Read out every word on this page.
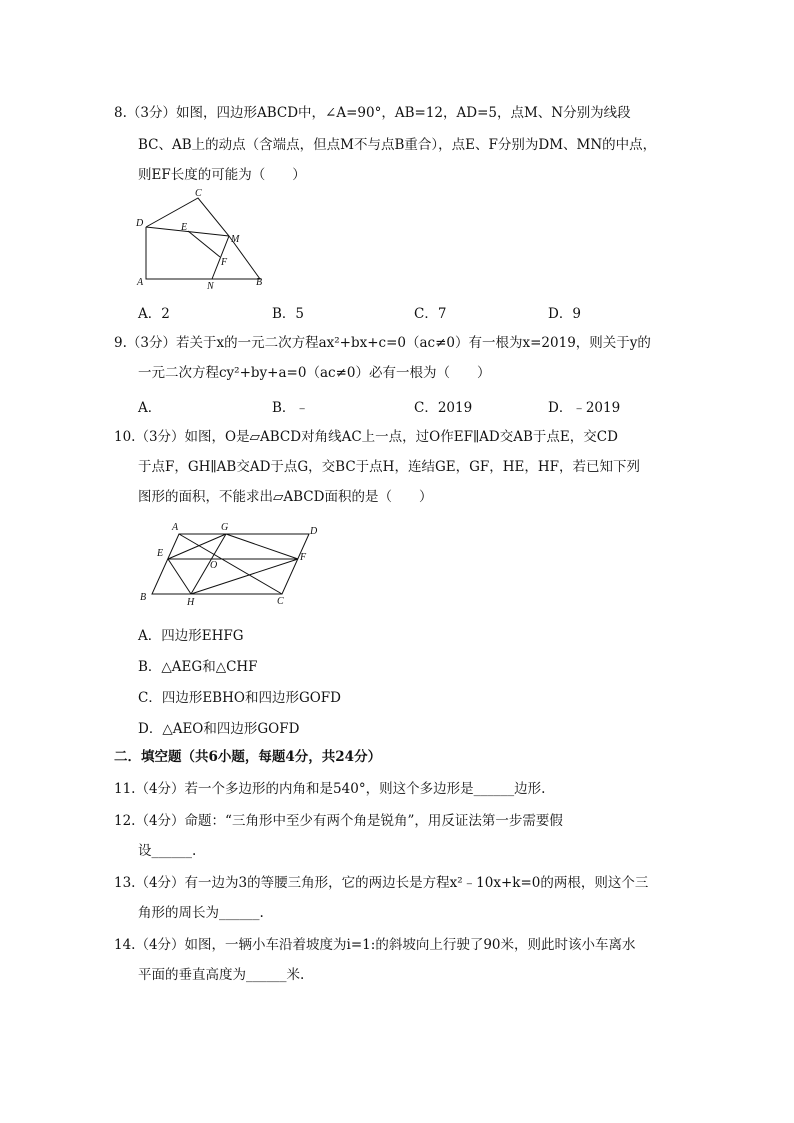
8.（3分）如图，四边形ABCD中，∠A=90°，AB=12，AD=5，点M、N分别为线段
BC、AB上的动点（含端点，但点M不与点B重合），点E、F分别为DM、MN的中点，
则EF长度的可能为（　　）
C
D	E
M
F
A	N	B
A．2	B．5	C．7	D．9
9.（3分）若关于x的一元二次方程ax²+bx+c=0（ac≠0）有一根为x=2019，则关于y的
一元二次方程cy²+by+a=0（ac≠0）必有一根为（　　）
A．	B．﹣	C．2019	D．﹣2019
10.（3分）如图，O是▱ABCD对角线AC上一点，过O作EF∥AD交AB于点E，交CD
于点F，GH∥AB交AD于点G，交BC于点H，连结GE，GF，HE，HF，若已知下列
图形的面积，不能求出▱ABCD面积的是（　　）
A	G	D
E	F
O
B	H	C
A．四边形EHFG
B．△AEG和△CHF
C．四边形EBHO和四边形GOFD
D．△AEO和四边形GOFD
二．填空题（共6小题，每题4分，共24分）
11.（4分）若一个多边形的内角和是540°，则这个多边形是______边形.
12.（4分）命题：“三角形中至少有两个角是锐角”，用反证法第一步需要假
设______.
13.（4分）有一边为3的等腰三角形，它的两边长是方程x²﹣10x+k=0的两根，则这个三
角形的周长为______.
14.（4分）如图，一辆小车沿着坡度为i=1:的斜坡向上行驶了90米，则此时该小车离水
平面的垂直高度为______米.
